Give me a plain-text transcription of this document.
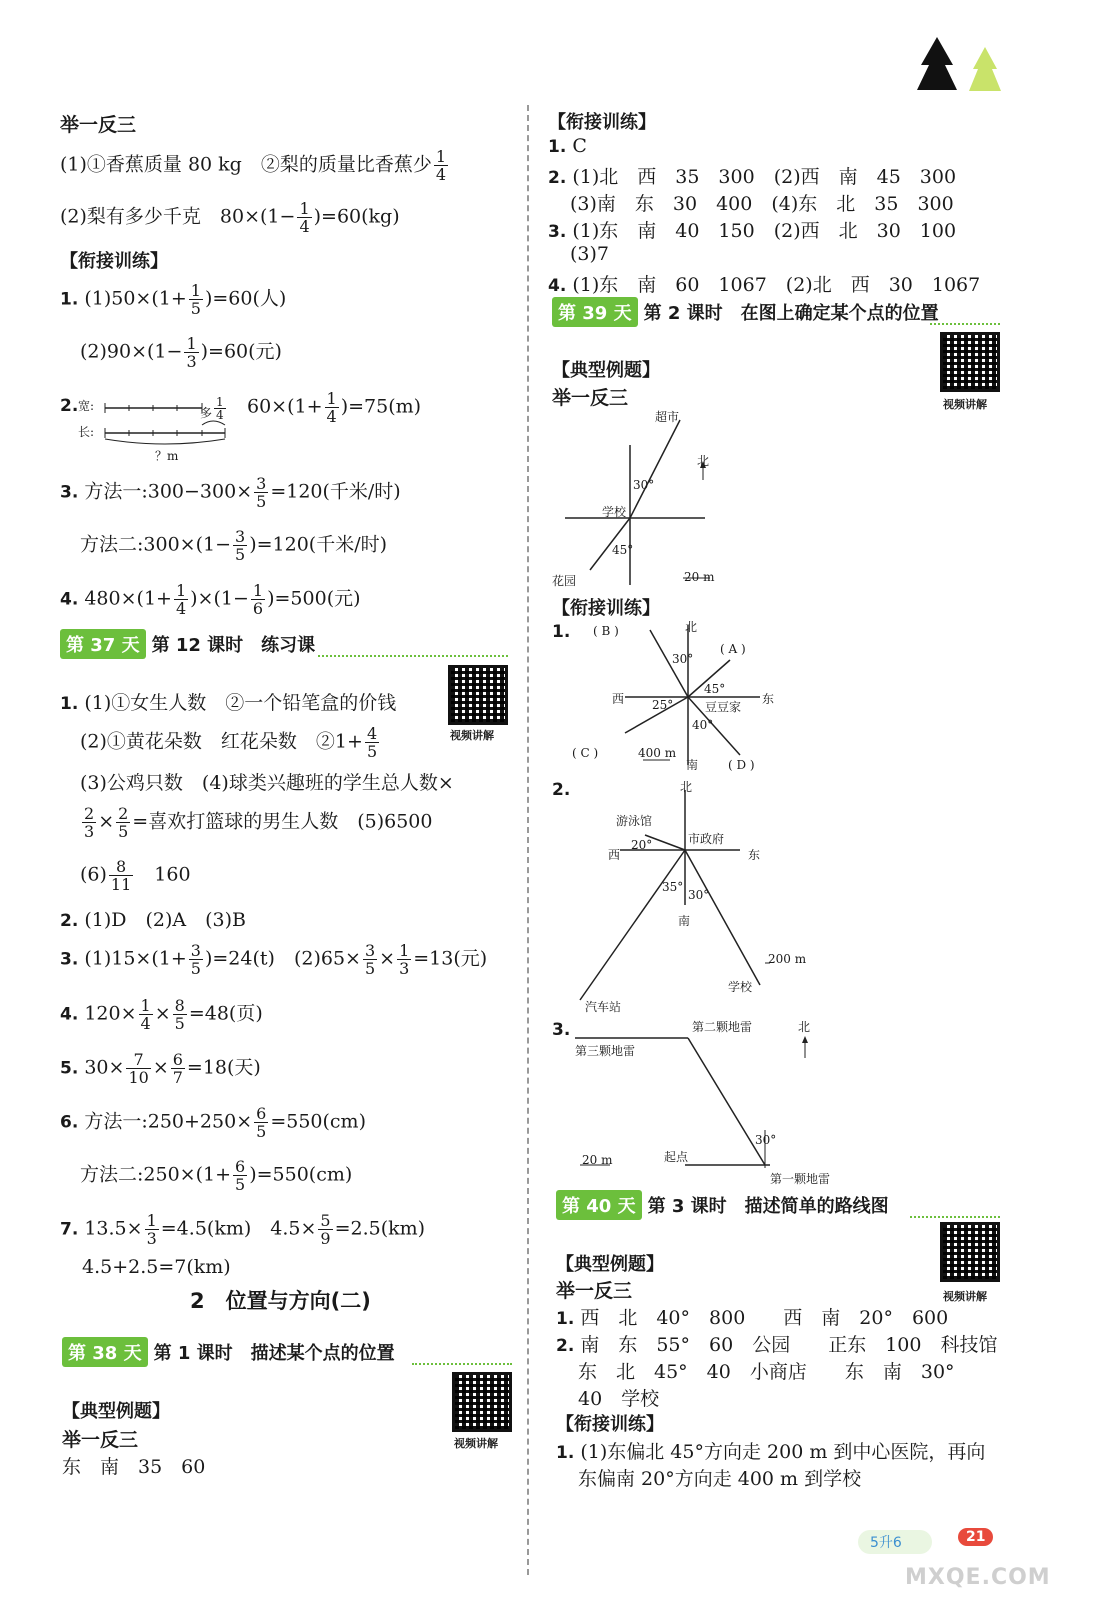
举一反三
(1)①香蕉质量 80 kg　②梨的质量比香蕉少 $\frac{1}{4}$
(2)梨有多少千克　$80\times(1- \frac{1}{4} )=60(kg)$
【衔接训练】
1. $(1)50\times(1+ \frac{1}{5} )=60$(人)
$(2)90\times(1- \frac{1}{3} )=60$(元)
2. 宽:
长:
多
？m
$\frac{1}{4} 60\times(1+ \frac{1}{4} )=75(m)$
3. 方法一:300−300× $\frac{3}{5} =120$(千米/时)
方法二:300×(1− $\frac{3}{5} )=120$(千米/时)
4. $480\times(1+ \frac{1}{4} )\times(1- \frac{1}{6} )=500$(元)
第 37 天 第 12 课时　练习课
视频讲解
1. (1)①女生人数　②一个铅笔盒的价钱
(2)①黄花朵数　红花朵数　②1+ $\frac{4}{5}$
(3)公鸡只数　(4)球类兴趣班的学生总人数×
$\frac{2}{3} \times \frac{2}{5}$ =喜欢打篮球的男生人数　(5)6500
$(6) \frac{8}{11}$ 　160
2. (1)D　(2)A　(3)B
3. $(1)15\times(1+ \frac{3}{5} )=24(t)$　$(2)65\times \frac{3}{5} \times \frac{1}{3} =13$(元)
4. $120\times \frac{1}{4} \times \frac{8}{5} =48$(页)
5. $30\times \frac{7}{10} \times \frac{6}{7} =18$(天)
6. 方法一:250+250× $\frac{6}{5} =550(cm)$
方法二:250×(1+ $\frac{6}{5} )=550(cm)$
7. $13.5\times \frac{1}{3} =4.5(km)$　$4.5\times \frac{5}{9} =2.5(km)$
4.5+2.5=7(km)
2　位置与方向(二)
第 38 天 第 1 课时　描述某个点的位置
视频讲解
【典型例题】
举一反三
东　南　35　60
【衔接训练】
1. C
2. (1)北　西　35　300　(2)西　南　45　300
(3)南　东　30　400　(4)东　北　35　300
3. (1)东　南　40　150　(2)西　北　30　100
(3)7
4. (1)东　南　60　1067　(2)北　西　30　1067
第 39 天 第 2 课时　在图上确定某个点的位置
视频讲解
【典型例题】
举一反三
超市
北
30°
学校
45°
花园	20 m
【衔接训练】
1. ( B )	北
( A )
30°
45°
西	东
25°	豆豆家
40°
( C )	400 m
南 ( D )
2.	北
游泳馆
市政府
20°
西	东
35°
30°
南
200 m
学校
汽车站
3.	第二颗地雷	北
第三颗地雷
30°
起点
20 m
第一颗地雷
第 40 天 第 3 课时　描述简单的路线图
视频讲解
【典型例题】
举一反三
1. 西　北　40°　800　　西　南　20°　600
2. 南　东　55°　60　公园　　正东　100　科技馆
东　北　45°　40　小商店　　东　南　30°
40　学校
【衔接训练】
1. (1)东偏北 45°方向走 200 m 到中心医院，再向
东偏南 20°方向走 400 m 到学校
5升6	21
MXQE.COM
